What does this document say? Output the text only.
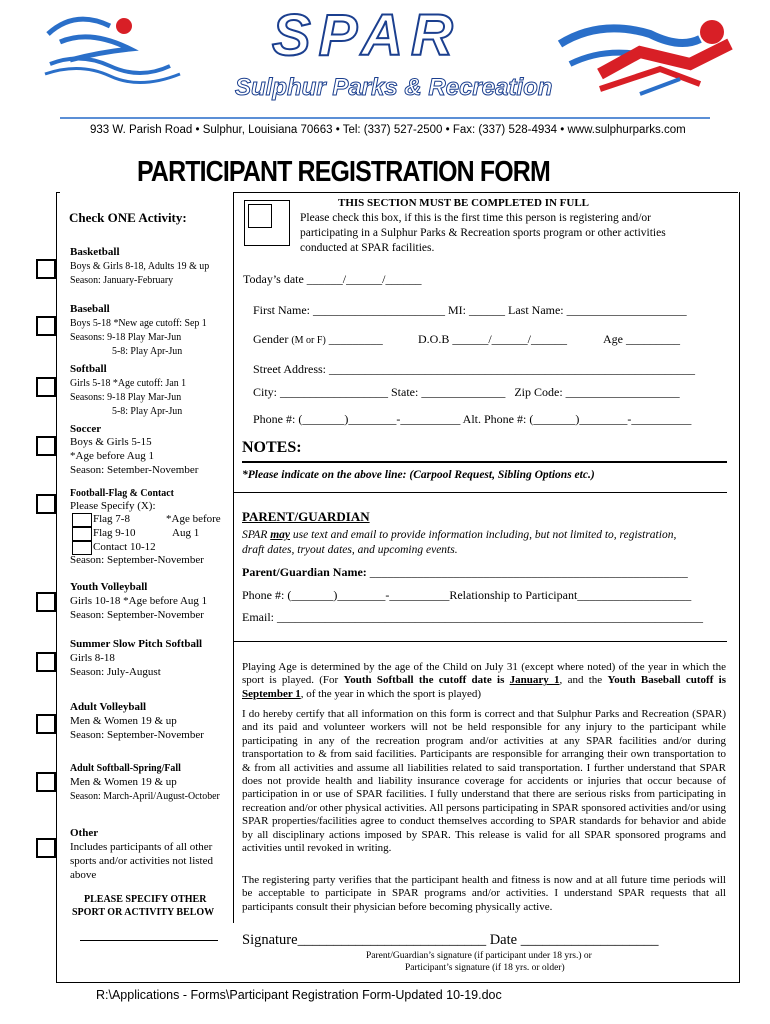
SPAR
Sulphur Parks & Recreation
933 W. Parish Road • Sulphur, Louisiana 70663 • Tel: (337) 527-2500 • Fax: (337) 528-4934 • www.sulphurparks.com
PARTICIPANT REGISTRATION FORM
Check ONE Activity:
Basketball
Boys & Girls 8-18, Adults 19 & up
Season: January-February
Baseball
Boys 5-18 *New age cutoff: Sep 1
Seasons: 9-18 Play Mar-Jun
5-8: Play Apr-Jun
Softball
Girls 5-18 *Age cutoff: Jan 1
Seasons: 9-18 Play Mar-Jun
5-8: Play Apr-Jun
Soccer
Boys & Girls 5-15
*Age before Aug 1
Season: Setember-November
Football-Flag & Contact
Please Specify (X):
Flag 7-8
Flag 9-10
Contact 10-12
*Age before
Aug 1
Season: September-November
Youth Volleyball
Girls 10-18 *Age before Aug 1
Season: September-November
Summer Slow Pitch Softball
Girls 8-18
Season: July-August
Adult Volleyball
Men & Women 19 & up
Season: September-November
Adult Softball-Spring/Fall
Men & Women 19 & up
Season: March-April/August-October
Other
Includes participants of all other
sports and/or activities not listed
above
PLEASE SPECIFY OTHER
SPORT OR ACTIVITY BELOW
THIS SECTION MUST BE COMPLETED IN FULL
Please check this box, if this is the first time this person is registering and/or
participating in a Sulphur Parks & Recreation sports program or other activities
conducted at SPAR facilities.
Today’s date ______/______/______
First Name: ______________________ MI: ______ Last Name: ____________________
Gender (M or F) _________	D.O.B ______/______/______	Age _________
Street Address: _____________________________________________________________
City: __________________ State: ______________   Zip Code: ___________________
Phone #: (_______)________-__________ Alt. Phone #: (_______)________-__________
NOTES:
*Please indicate on the above line: (Carpool Request, Sibling Options etc.)
PARENT/GUARDIAN
SPAR may use text and email to provide information including, but not limited to, registration,
draft dates, tryout dates, and upcoming events.
Parent/Guardian Name: _____________________________________________________
Phone #: (_______)________-__________Relationship to Participant___________________
Email: _______________________________________________________________________
Playing Age is determined by the age of the Child on July 31 (except where noted) of the year in which the sport is played. (For Youth Softball the cutoff date is January 1, and the Youth Baseball cutoff is September 1, of the year in which the sport is played)
I do hereby certify that all information on this form is correct and that Sulphur Parks and Recreation (SPAR) and its paid and volunteer workers will not be held responsible for any injury to the participant while participating in any of the recreation program and/or activities at any SPAR facilities and/or during transportation to & from said facilities. Participants are responsible for arranging their own transportation to & from all activities and assume all liabilities related to said transportation. I further understand that SPAR does not provide health and liability insurance coverage for accidents or injuries that occur because of participation in or use of SPAR facilities. I fully understand that there are serious risks from participating in recreation and/or other physical activities. All persons participating in SPAR sponsored activities and/or using SPAR properties/facilities agree to conduct themselves according to SPAR standards for behavior and abide by all disciplinary actions imposed by SPAR. This release is valid for all SPAR sponsored programs and activities until revoked in writing.
The registering party verifies that the participant health and fitness is now and at all future time periods will be acceptable to participate in SPAR programs and/or activities. I understand SPAR requests that all participants consult their physician before becoming physically active.
Signature__________________________ Date ___________________
Parent/Guardian’s signature (if participant under 18 yrs.) or
Participant’s signature (if 18 yrs. or older)
R:\Applications - Forms\Participant Registration Form-Updated 10-19.doc
